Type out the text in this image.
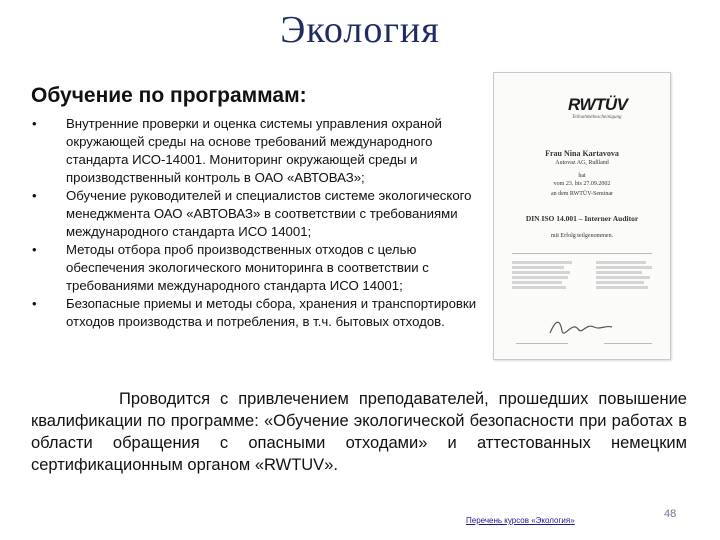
Экология
Обучение по программам:
• Внутренние проверки и оценка системы управления охраной окружающей среды на основе требований международного стандарта ИСО-14001. Мониторинг окружающей среды и производственный контроль в ОАО «АВТОВАЗ»;
• Обучение руководителей и специалистов системе экологического менеджмента ОАО «АВТОВАЗ» в соответствии с требованиями международного стандарта ИСО 14001;
• Методы отбора проб производственных отходов с целью обеспечения экологического мониторинга в соответствии с требованиями международного стандарта ИСО 14001;
• Безопасные приемы и методы сбора, хранения и транспортировки отходов производства и потребления, в т.ч. бытовых отходов.
RWTÜV
Teilnahmebescheinigung
Frau Nina Kartavova
Autovaz AG, Rußland
hat
vom 23. bis 27.09.2002
an dem RWTÜV-Seminar
DIN ISO 14.001 – Interner Auditor
mit Erfolg teilgenommen.
Проводится с привлечением преподавателей, прошедших повышение квалификации по программе: «Обучение экологической безопасности при работах в области обращения с опасными отходами» и аттестованных немецким сертификационным органом «RWTUV».
Перечень курсов «Экология»
48
